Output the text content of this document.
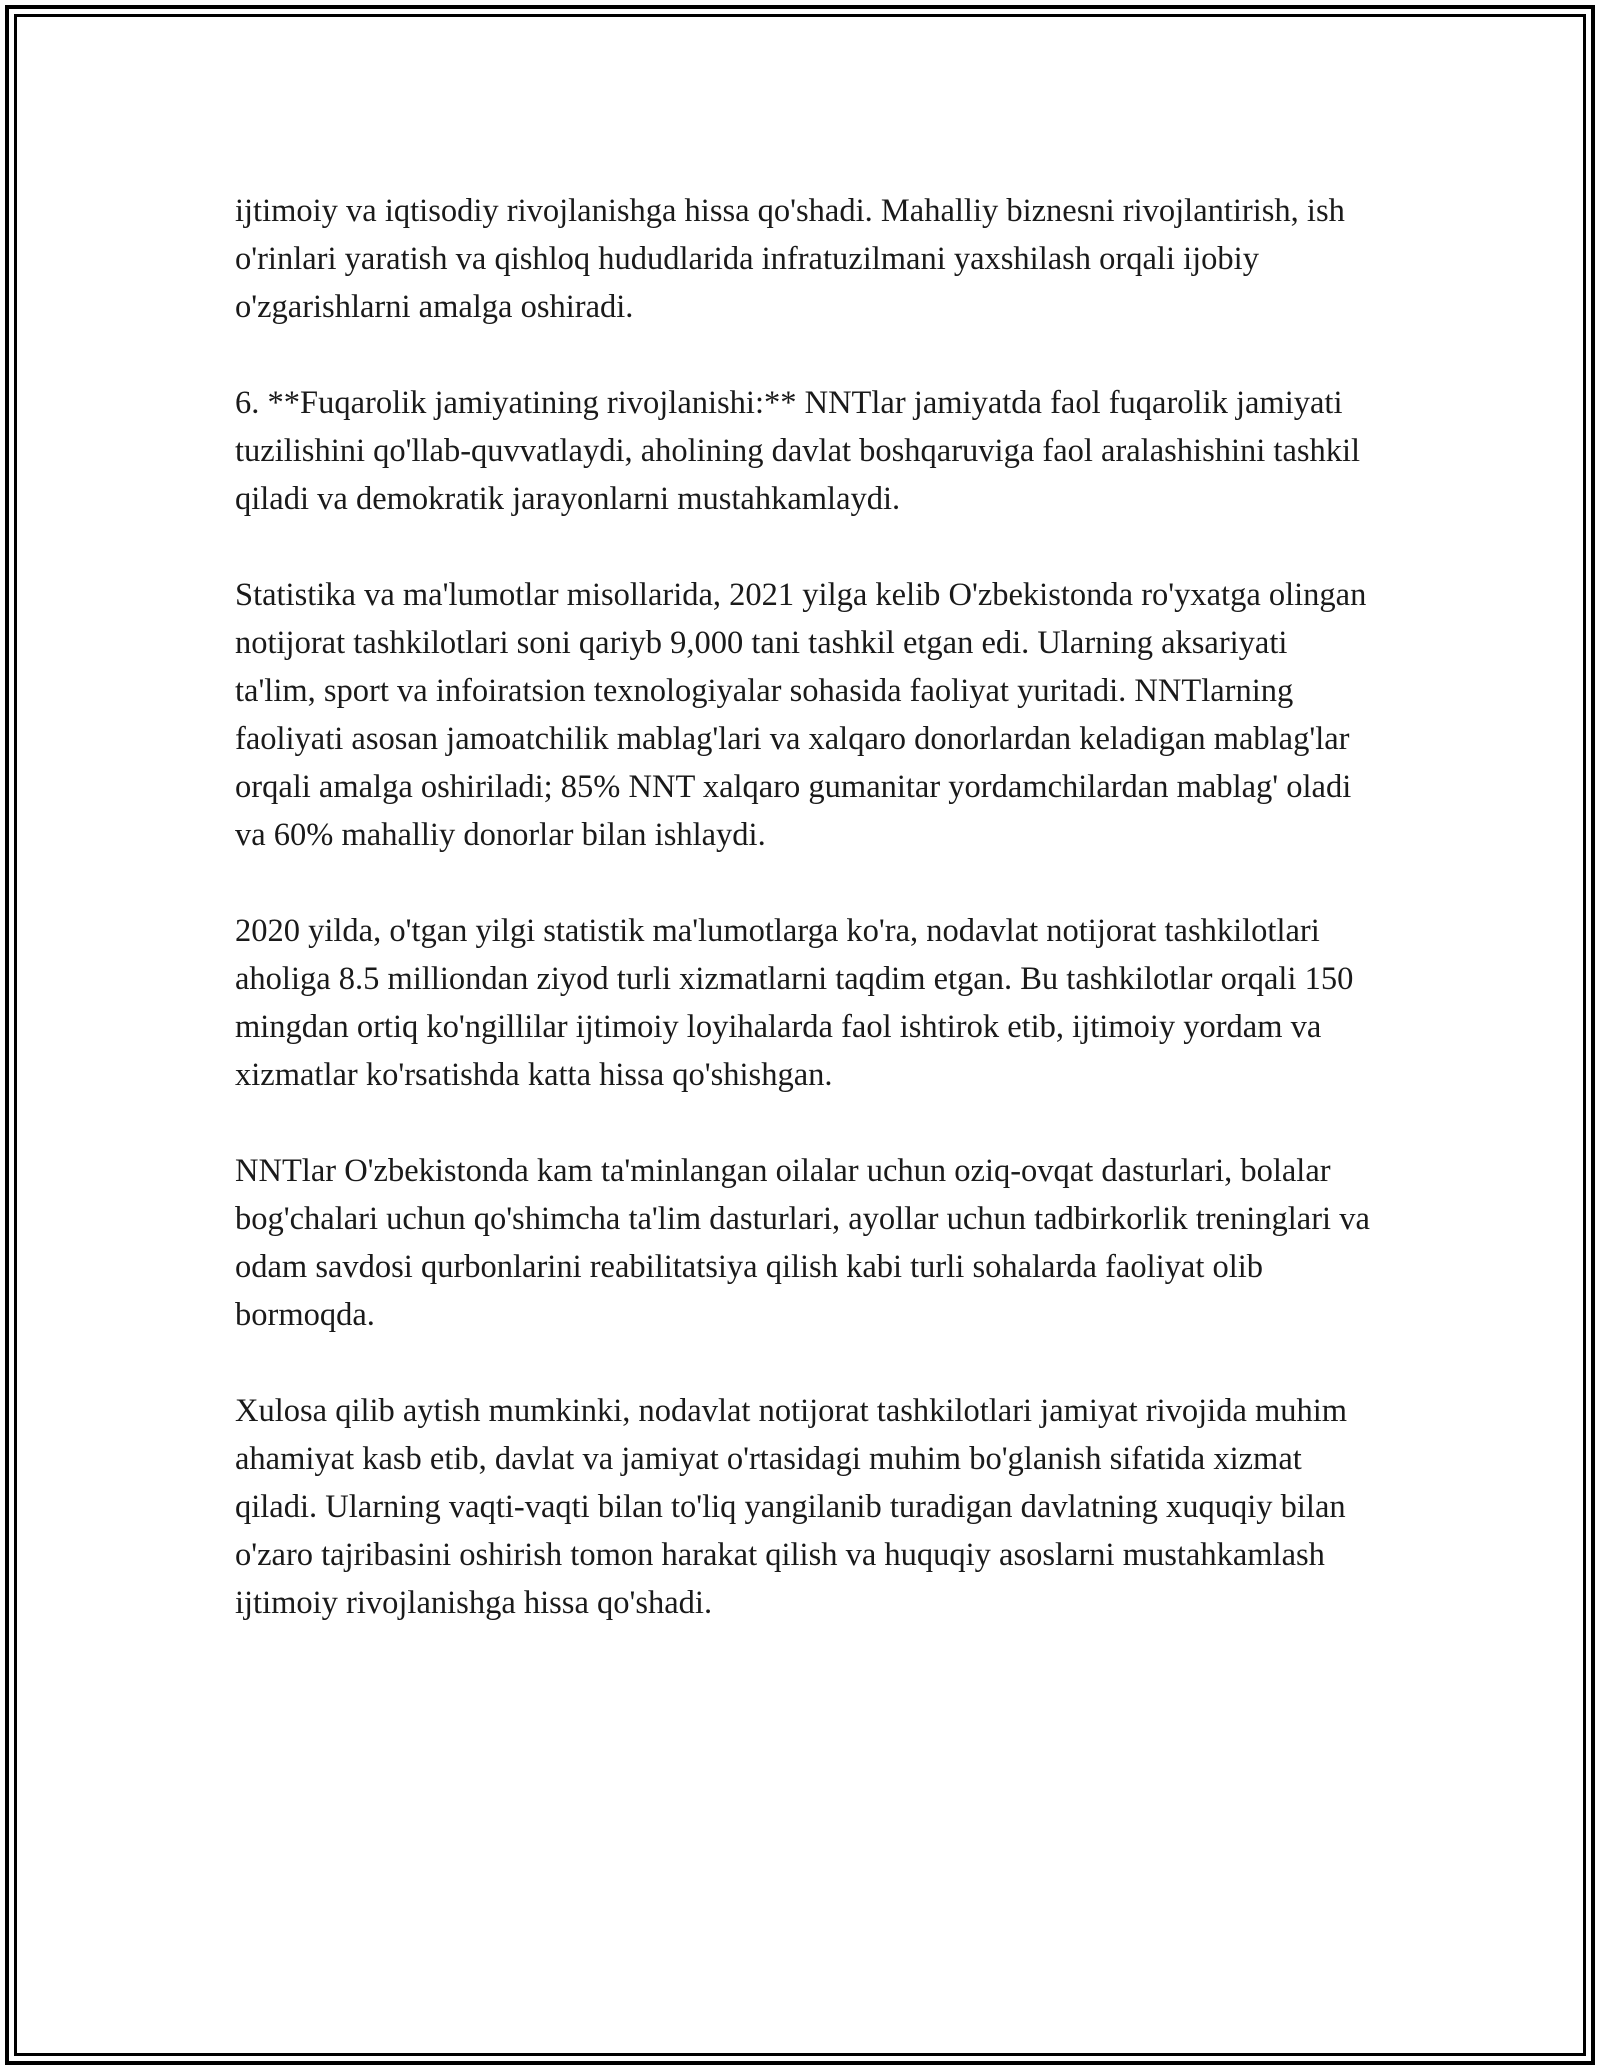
ijtimoiy va iqtisodiy rivojlanishga hissa qo'shadi. Mahalliy biznesni rivojlantirish, ish o'rinlari yaratish va qishloq hududlarida infratuzilmani yaxshilash orqali ijobiy o'zgarishlarni amalga oshiradi.

6. **Fuqarolik jamiyatining rivojlanishi:** NNTlar jamiyatda faol fuqarolik jamiyati tuzilishini qo'llab-quvvatlaydi, aholining davlat boshqaruviga faol aralashishini tashkil qiladi va demokratik jarayonlarni mustahkamlaydi.

Statistika va ma'lumotlar misollarida, 2021 yilga kelib O'zbekistonda ro'yxatga olingan notijorat tashkilotlari soni qariyb 9,000 tani tashkil etgan edi. Ularning aksariyati ta'lim, sport va infoiratsion texnologiyalar sohasida faoliyat yuritadi. NNTlarning faoliyati asosan jamoatchilik mablag'lari va xalqaro donorlardan keladigan mablag'lar orqali amalga oshiriladi; 85% NNT xalqaro gumanitar yordamchilardan mablag' oladi va 60% mahalliy donorlar bilan ishlaydi.

2020 yilda, o'tgan yilgi statistik ma'lumotlarga ko'ra, nodavlat notijorat tashkilotlari aholiga 8.5 milliondan ziyod turli xizmatlarni taqdim etgan. Bu tashkilotlar orqali 150 mingdan ortiq ko'ngillilar ijtimoiy loyihalarda faol ishtirok etib, ijtimoiy yordam va xizmatlar ko'rsatishda katta hissa qo'shishgan.

NNTlar O'zbekistonda kam ta'minlangan oilalar uchun oziq-ovqat dasturlari, bolalar bog'chalari uchun qo'shimcha ta'lim dasturlari, ayollar uchun tadbirkorlik treninglari va odam savdosi qurbonlarini reabilitatsiya qilish kabi turli sohalarda faoliyat olib bormoqda.

Xulosa qilib aytish mumkinki, nodavlat notijorat tashkilotlari jamiyat rivojida muhim ahamiyat kasb etib, davlat va jamiyat o'rtasidagi muhim bo'glanish sifatida xizmat qiladi. Ularning vaqti-vaqti bilan to'liq yangilanib turadigan davlatning xuquqiy bilan o'zaro tajribasini oshirish tomon harakat qilish va huquqiy asoslarni mustahkamlash ijtimoiy rivojlanishga hissa qo'shadi.
